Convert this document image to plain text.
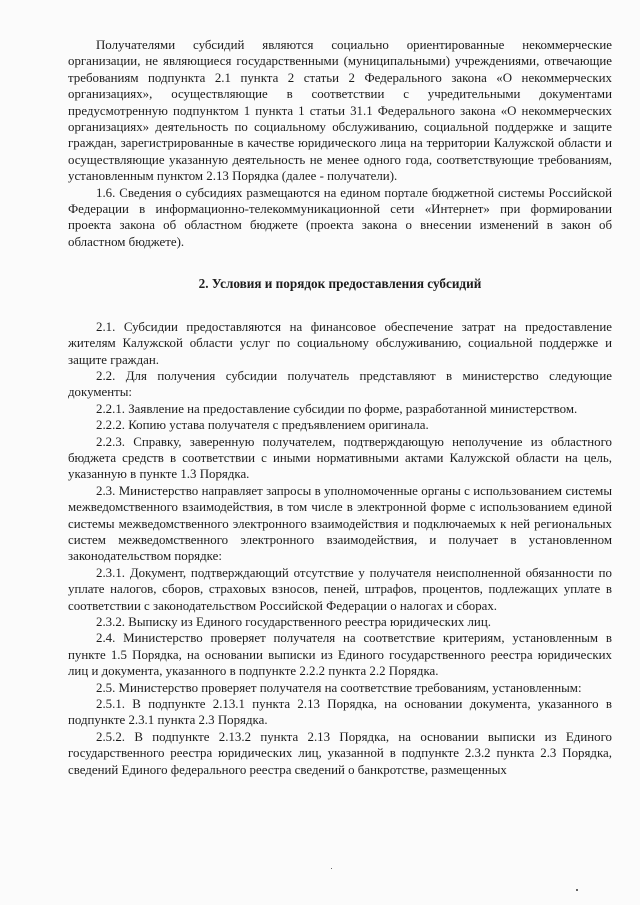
Получателями субсидий являются социально ориентированные некоммерческие организации, не являющиеся государственными (муниципальными) учреждениями, отвечающие требованиям подпункта 2.1 пункта 2 статьи 2 Федерального закона «О некоммерческих организациях», осуществляющие в соответствии с учредительными документами предусмотренную подпунктом 1 пункта 1 статьи 31.1 Федерального закона «О некоммерческих организациях» деятельность по социальному обслуживанию, социальной поддержке и защите граждан, зарегистрированные в качестве юридического лица на территории Калужской области и осуществляющие указанную деятельность не менее одного года, соответствующие требованиям, установленным пунктом 2.13 Порядка (далее - получатели).

1.6. Сведения о субсидиях размещаются на едином портале бюджетной системы Российской Федерации в информационно-телекоммуникационной сети «Интернет» при формировании проекта закона об областном бюджете (проекта закона о внесении изменений в закон об областном бюджете).

2. Условия и порядок предоставления субсидий

2.1. Субсидии предоставляются на финансовое обеспечение затрат на предоставление жителям Калужской области услуг по социальному обслуживанию, социальной поддержке и защите граждан.

2.2. Для получения субсидии получатель представляют в министерство следующие документы:

2.2.1. Заявление на предоставление субсидии по форме, разработанной министерством.

2.2.2. Копию устава получателя с предъявлением оригинала.

2.2.3. Справку, заверенную получателем, подтверждающую неполучение из областного бюджета средств в соответствии с иными нормативными актами Калужской области на цель, указанную в пункте 1.3 Порядка.

2.3. Министерство направляет запросы в уполномоченные органы с использованием системы межведомственного взаимодействия, в том числе в электронной форме с использованием единой системы межведомственного электронного взаимодействия и подключаемых к ней региональных систем межведомственного электронного взаимодействия, и получает в установленном законодательством порядке:

2.3.1. Документ, подтверждающий отсутствие у получателя неисполненной обязанности по уплате налогов, сборов, страховых взносов, пеней, штрафов, процентов, подлежащих уплате в соответствии с законодательством Российской Федерации о налогах и сборах.

2.3.2. Выписку из Единого государственного реестра юридических лиц.

2.4. Министерство проверяет получателя на соответствие критериям, установленным в пункте 1.5 Порядка, на основании выписки из Единого государственного реестра юридических лиц и документа, указанного в подпункте 2.2.2 пункта 2.2 Порядка.

2.5. Министерство проверяет получателя на соответствие требованиям, установленным:

2.5.1. В подпункте 2.13.1 пункта 2.13 Порядка, на основании документа, указанного в подпункте 2.3.1 пункта 2.3 Порядка.

2.5.2. В подпункте 2.13.2 пункта 2.13 Порядка, на основании выписки из Единого государственного реестра юридических лиц, указанной в подпункте 2.3.2 пункта 2.3 Порядка, сведений Единого федерального реестра сведений о банкротстве, размещенных
